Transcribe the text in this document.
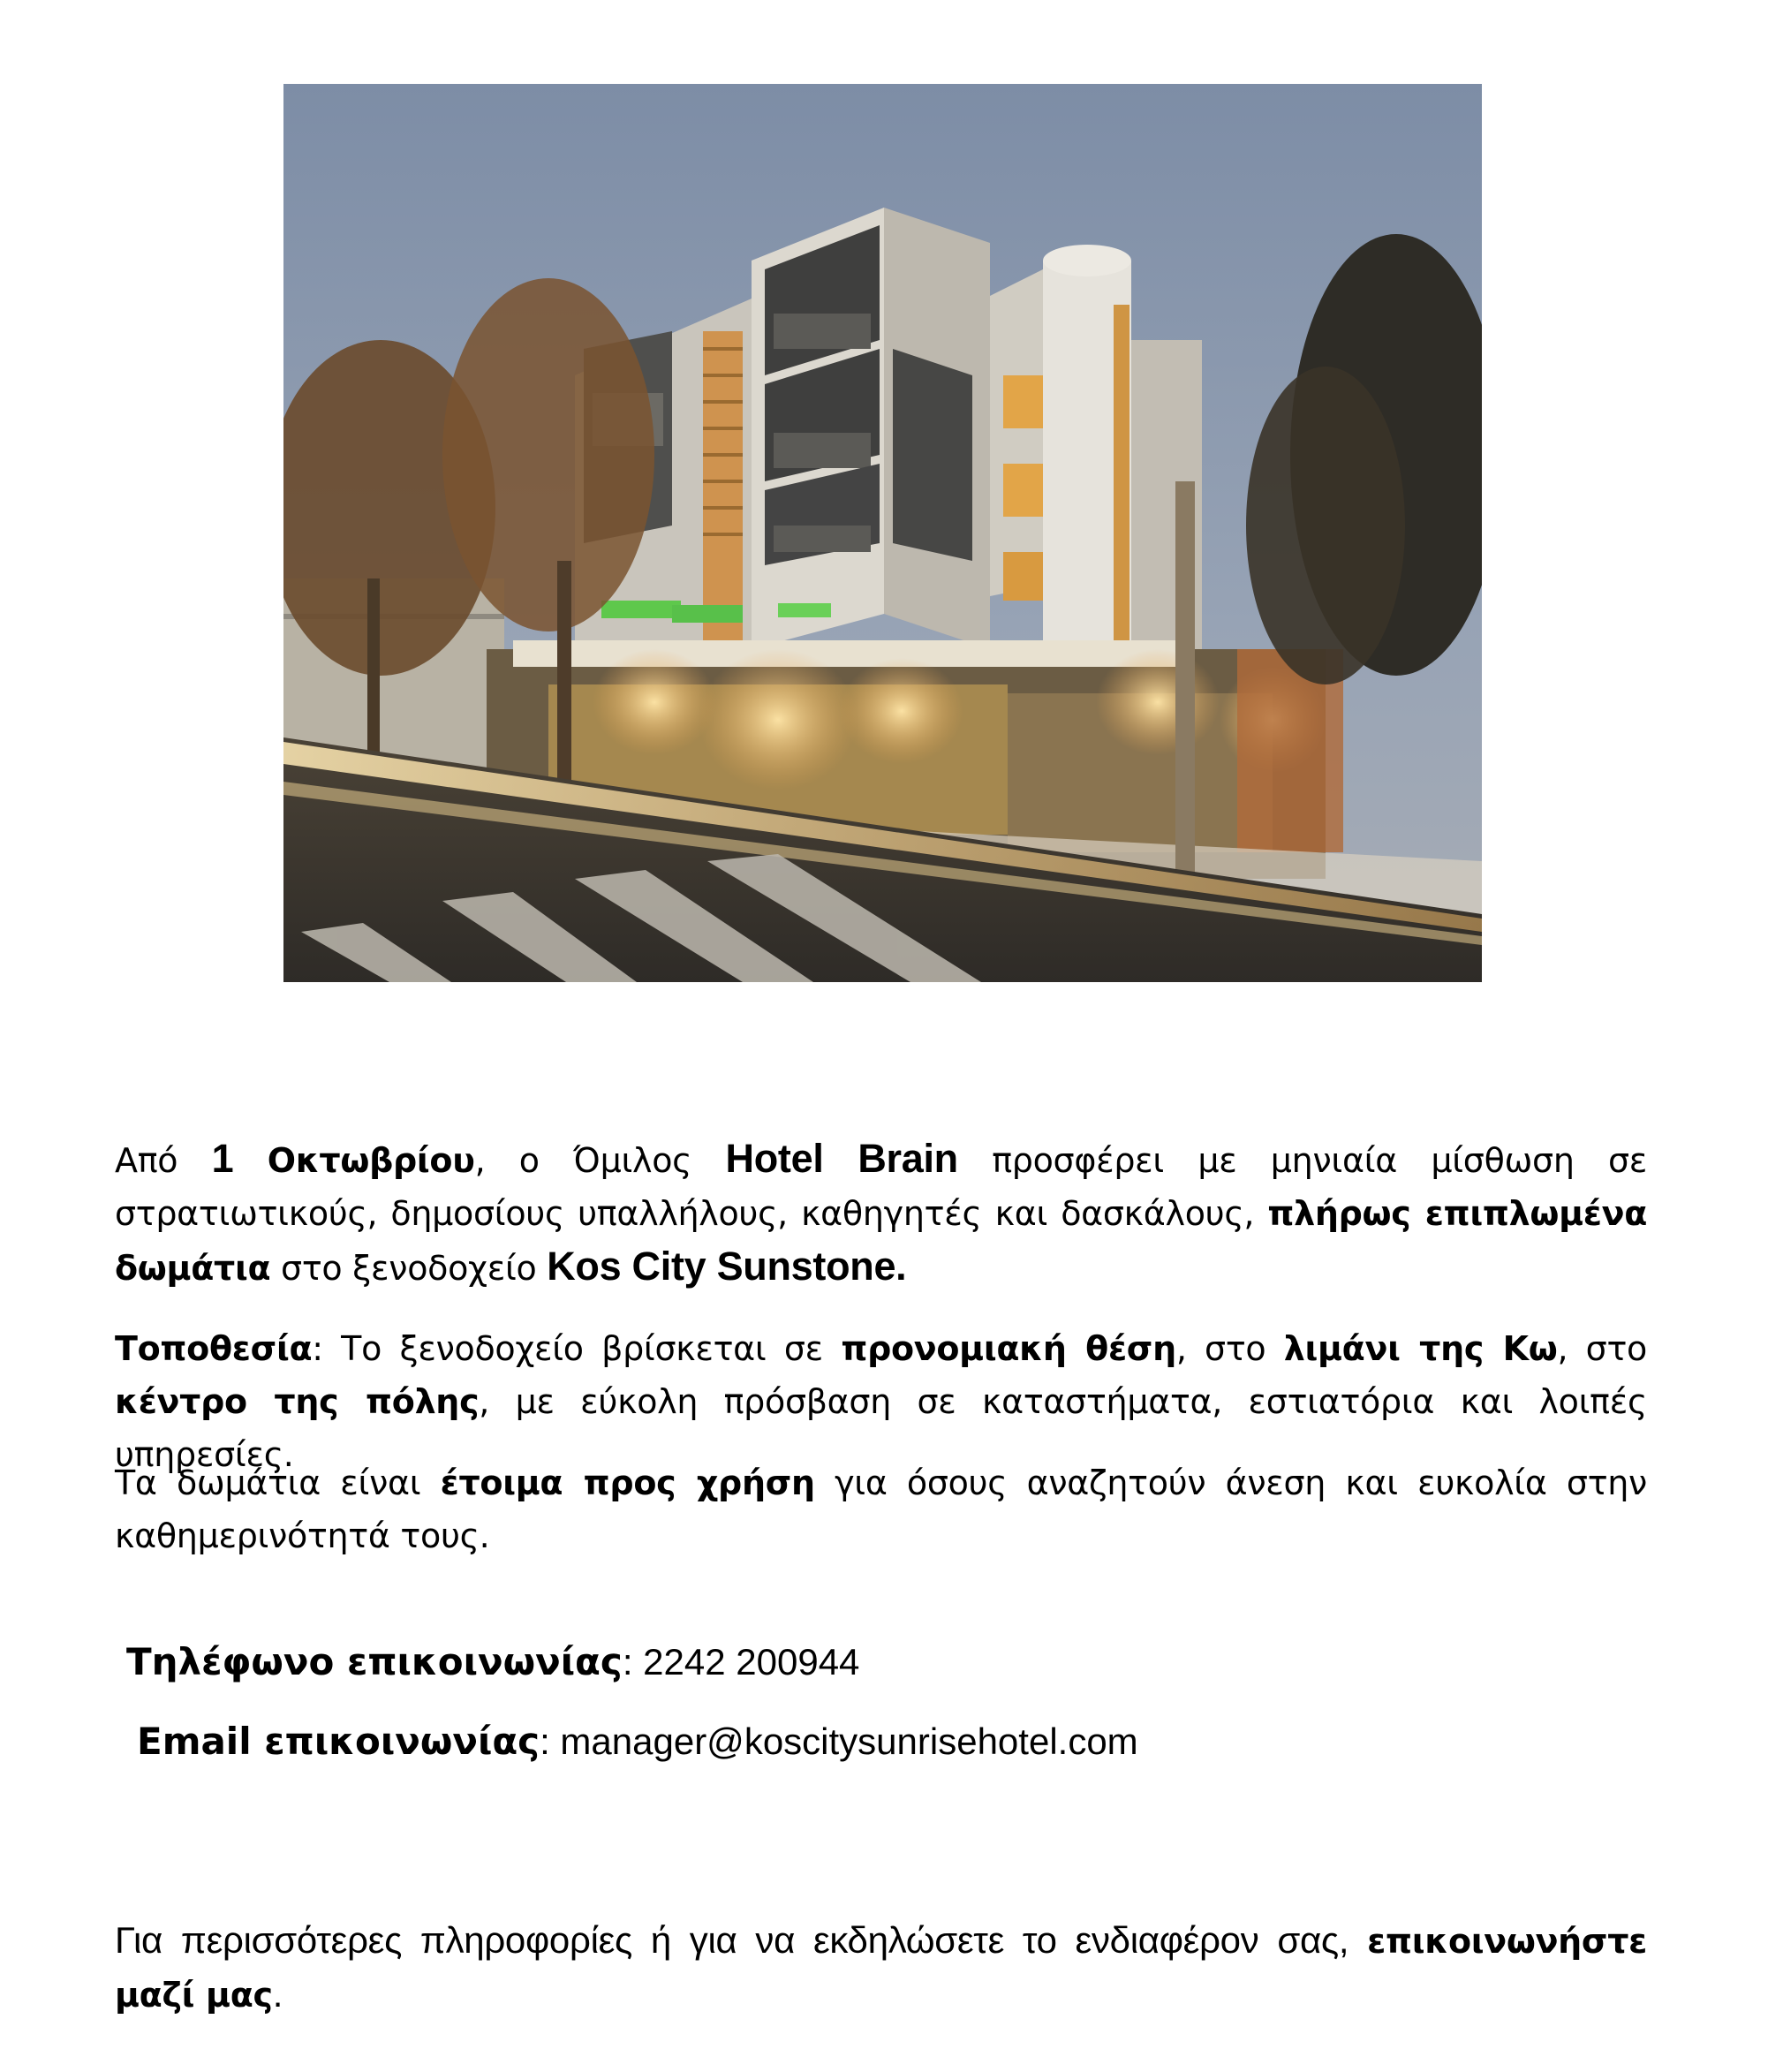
Από 1 Οκτωβρίου, ο Όμιλος Hotel Brain προσφέρει με μηνιαία μίσθωση σε στρατιωτικούς, δημοσίους υπαλλήλους, καθηγητές και δασκάλους, πλήρως επιπλωμένα δωμάτια στο ξενοδοχείο Kos City Sunstone.

Τοποθεσία: Το ξενοδοχείο βρίσκεται σε προνομιακή θέση, στο λιμάνι της Κω, στο κέντρο της πόλης, με εύκολη πρόσβαση σε καταστήματα, εστιατόρια και λοιπές υπηρεσίες.

Τα δωμάτια είναι έτοιμα προς χρήση για όσους αναζητούν άνεση και ευκολία στην καθημερινότητά τους.

Τηλέφωνο επικοινωνίας: 2242 200944
Email επικοινωνίας: manager@koscitysunrisehotel.com

Για περισσότερες πληροφορίες ή για να εκδηλώσετε το ενδιαφέρον σας, επικοινωνήστε μαζί μας.
